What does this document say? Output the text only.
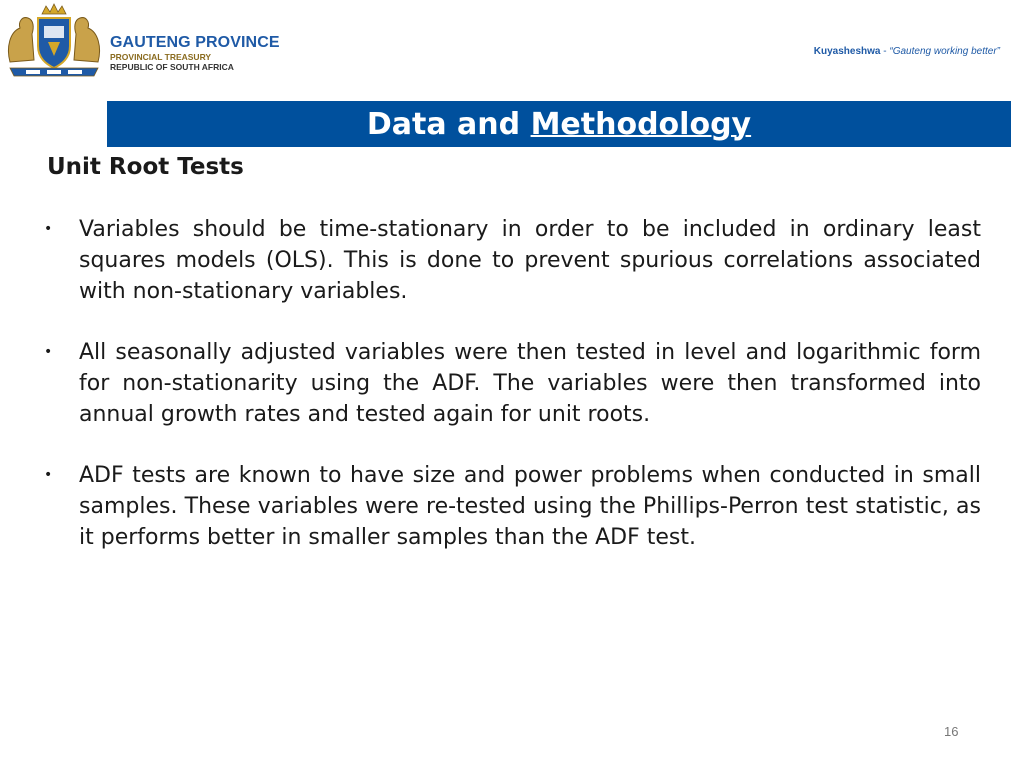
GAUTENG PROVINCE
PROVINCIAL TREASURY
REPUBLIC OF SOUTH AFRICA
Kuyasheshwa - “Gauteng working better”
Data and Methodology
Unit Root Tests
• Variables should be time-stationary in order to be included in ordinary least squares models (OLS). This is done to prevent spurious correlations associated with non-stationary variables.
• All seasonally adjusted variables were then tested in level and logarithmic form for non-stationarity using the ADF. The variables were then transformed into annual growth rates and tested again for unit roots.
• ADF tests are known to have size and power problems when conducted in small samples. These variables were re-tested using the Phillips-Perron test statistic, as it performs better in smaller samples than the ADF test.
16
